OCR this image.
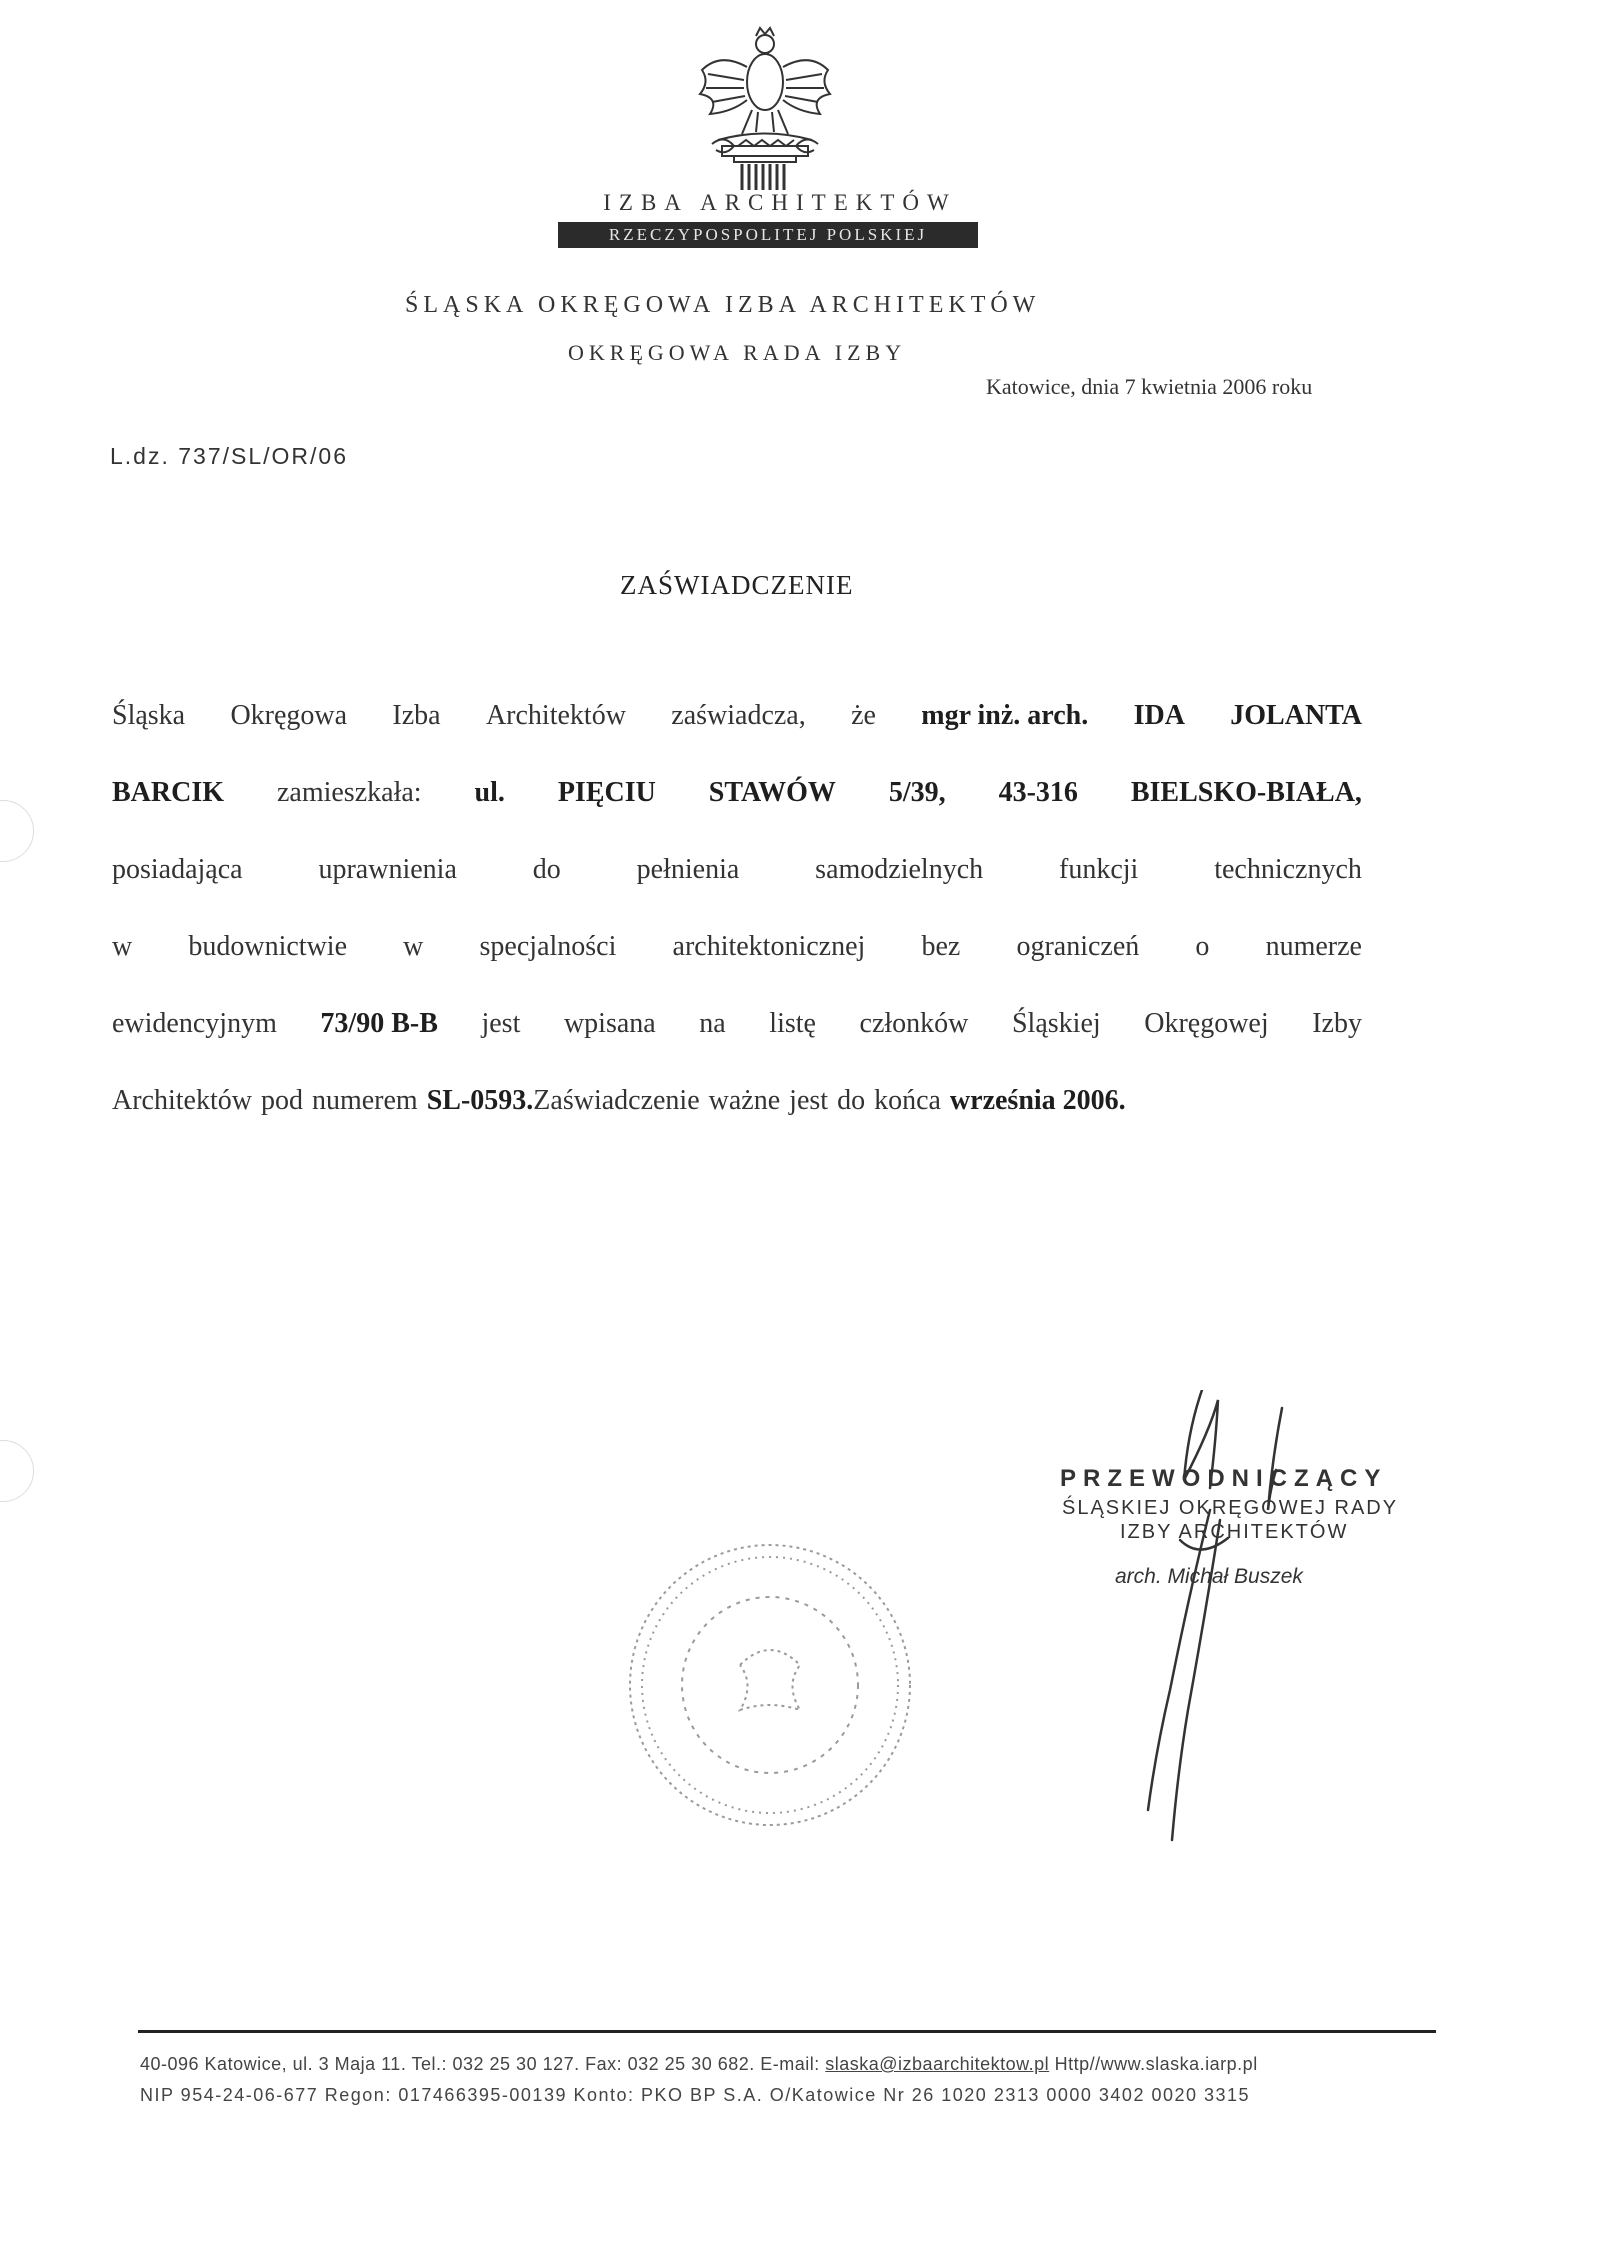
IZBA ARCHITEKTÓW
RZECZYPOSPOLITEJ POLSKIEJ
ŚLĄSKA OKRĘGOWA IZBA ARCHITEKTÓW
OKRĘGOWA RADA IZBY
Katowice, dnia 7 kwietnia 2006 roku
L.dz. 737/SL/OR/06
ZAŚWIADCZENIE
Śląska Okręgowa Izba Architektów zaświadcza, że mgr inż. arch. IDA JOLANTA
BARCIK zamieszkała: ul. PIĘCIU STAWÓW 5/39, 43-316 BIELSKO-BIAŁA,
posiadająca	uprawnienia	do	pełnienia	samodzielnych	funkcji	technicznych
w budownictwie w specjalności architektonicznej bez ograniczeń o numerze
ewidencyjnym 73/90 B-B jest wpisana na listę członków Śląskiej Okręgowej Izby
Architektów pod numerem SL-0593. Zaświadczenie ważne jest do końca września 2006.
PRZEWODNICZĄCY
ŚLĄSKIEJ OKRĘGOWEJ RADY
IZBY ARCHITEKTÓW
arch. Michał Buszek
40-096 Katowice, ul. 3 Maja 11. Tel.: 032 25 30 127. Fax: 032 25 30 682. E-mail: slaska@izbaarchitektow.pl Http//www.slaska.iarp.pl
NIP 954-24-06-677 Regon: 017466395-00139 Konto: PKO BP S.A. O/Katowice Nr 26 1020 2313 0000 3402 0020 3315
